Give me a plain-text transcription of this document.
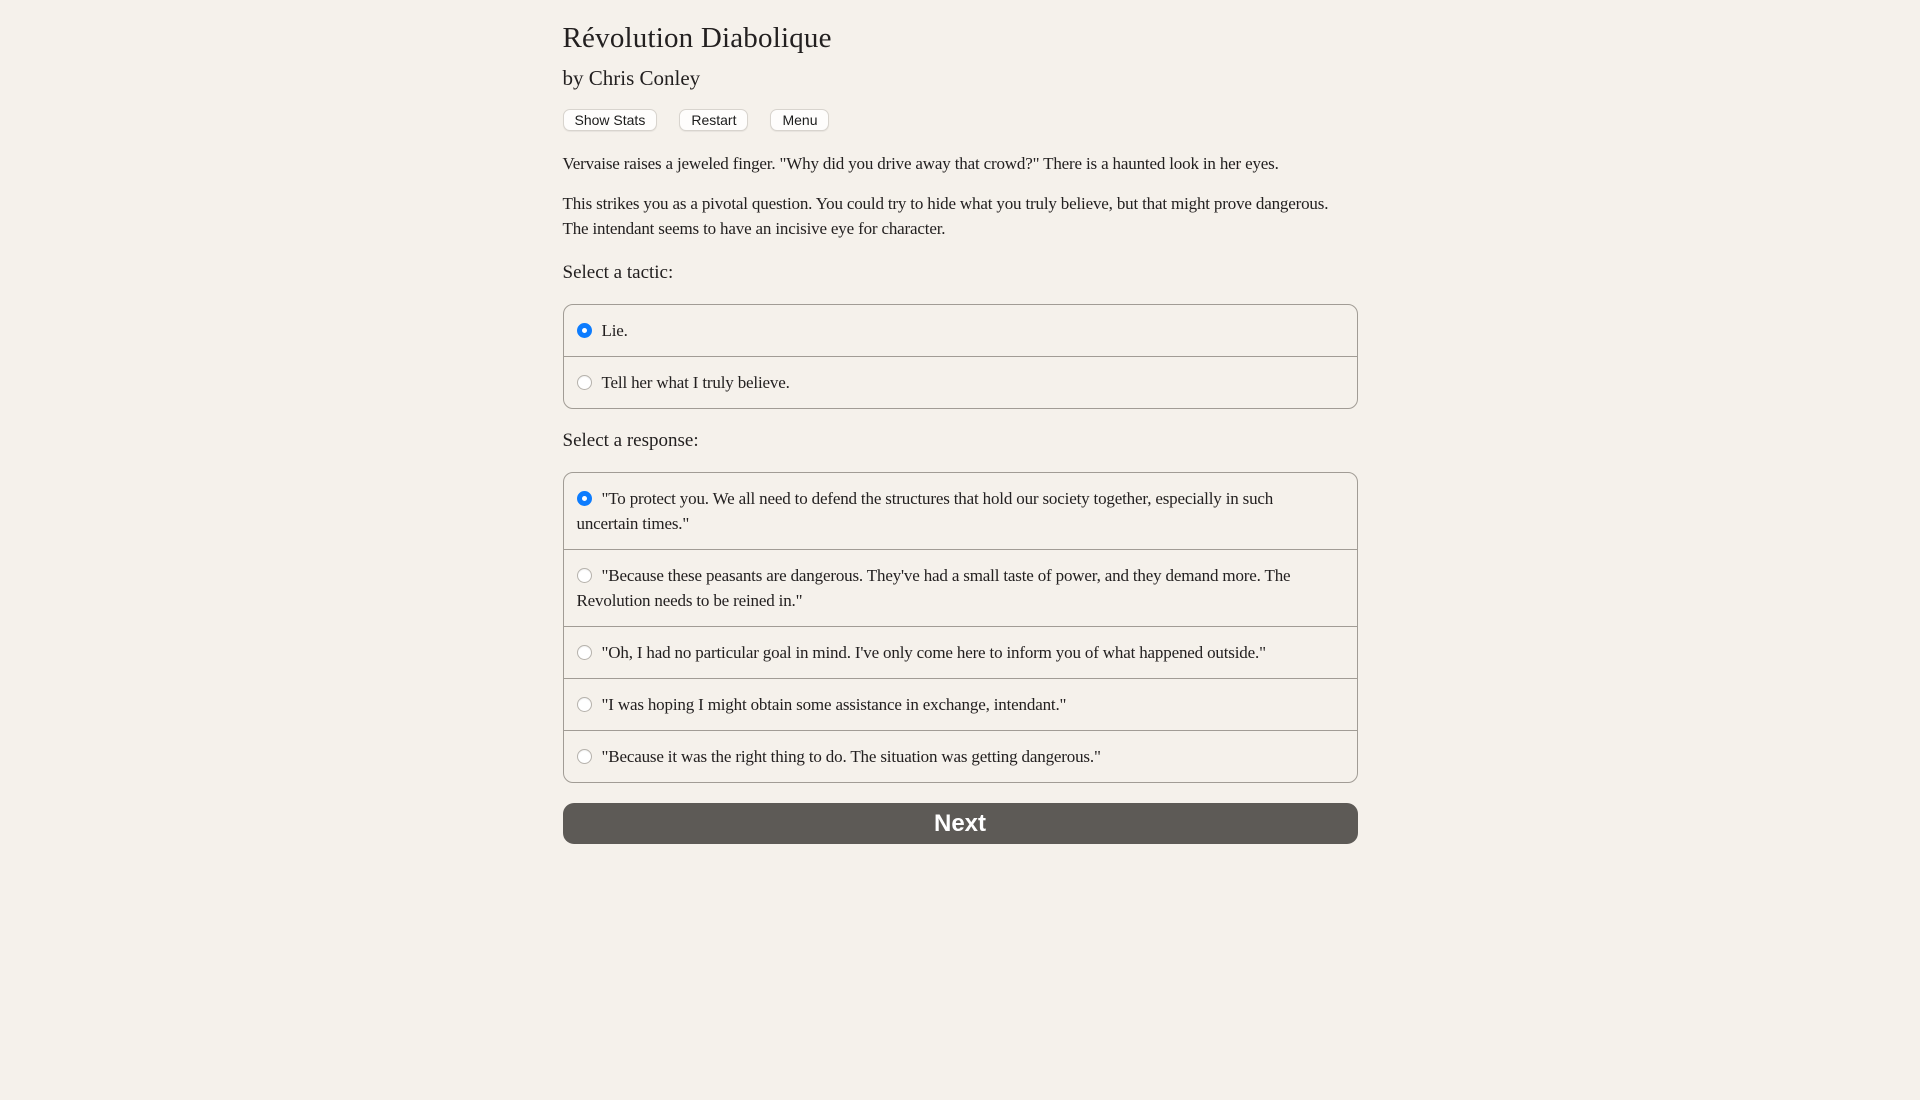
Révolution Diabolique
by Chris Conley
Show Stats	Restart	Menu

Vervaise raises a jeweled finger. "Why did you drive away that crowd?" There is a haunted look in her eyes.

This strikes you as a pivotal question. You could try to hide what you truly believe, but that might prove dangerous. The intendant seems to have an incisive eye for character.

Select a tactic:
Lie.
Tell her what I truly believe.
Select a response:
"To protect you. We all need to defend the structures that hold our society together, especially in such uncertain times."
"Because these peasants are dangerous. They've had a small taste of power, and they demand more. The Revolution needs to be reined in."
"Oh, I had no particular goal in mind. I've only come here to inform you of what happened outside."
"I was hoping I might obtain some assistance in exchange, intendant."
"Because it was the right thing to do. The situation was getting dangerous."
Next
